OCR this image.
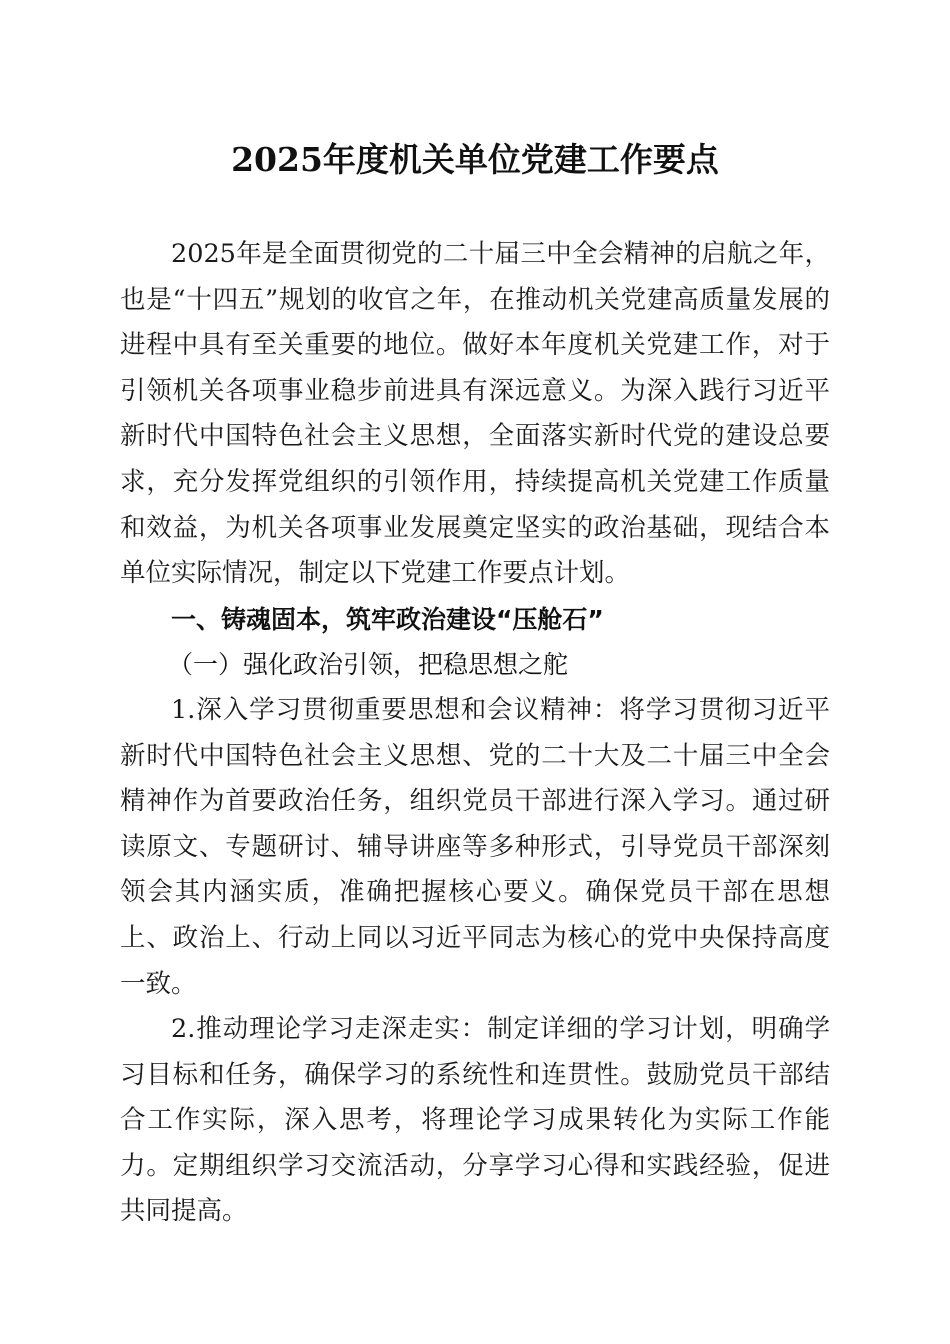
2025年度机关单位党建工作要点

2025年是全面贯彻党的二十届三中全会精神的启航之年，也是“十四五”规划的收官之年，在推动机关党建高质量发展的进程中具有至关重要的地位。做好本年度机关党建工作，对于引领机关各项事业稳步前进具有深远意义。为深入践行习近平新时代中国特色社会主义思想，全面落实新时代党的建设总要求，充分发挥党组织的引领作用，持续提高机关党建工作质量和效益，为机关各项事业发展奠定坚实的政治基础，现结合本单位实际情况，制定以下党建工作要点计划。

一、铸魂固本，筑牢政治建设“压舱石”

（一）强化政治引领，把稳思想之舵

1.深入学习贯彻重要思想和会议精神：将学习贯彻习近平新时代中国特色社会主义思想、党的二十大及二十届三中全会精神作为首要政治任务，组织党员干部进行深入学习。通过研读原文、专题研讨、辅导讲座等多种形式，引导党员干部深刻领会其内涵实质，准确把握核心要义。确保党员干部在思想上、政治上、行动上同以习近平同志为核心的党中央保持高度一致。

2.推动理论学习走深走实：制定详细的学习计划，明确学习目标和任务，确保学习的系统性和连贯性。鼓励党员干部结合工作实际，深入思考，将理论学习成果转化为实际工作能力。定期组织学习交流活动，分享学习心得和实践经验，促进共同提高。
